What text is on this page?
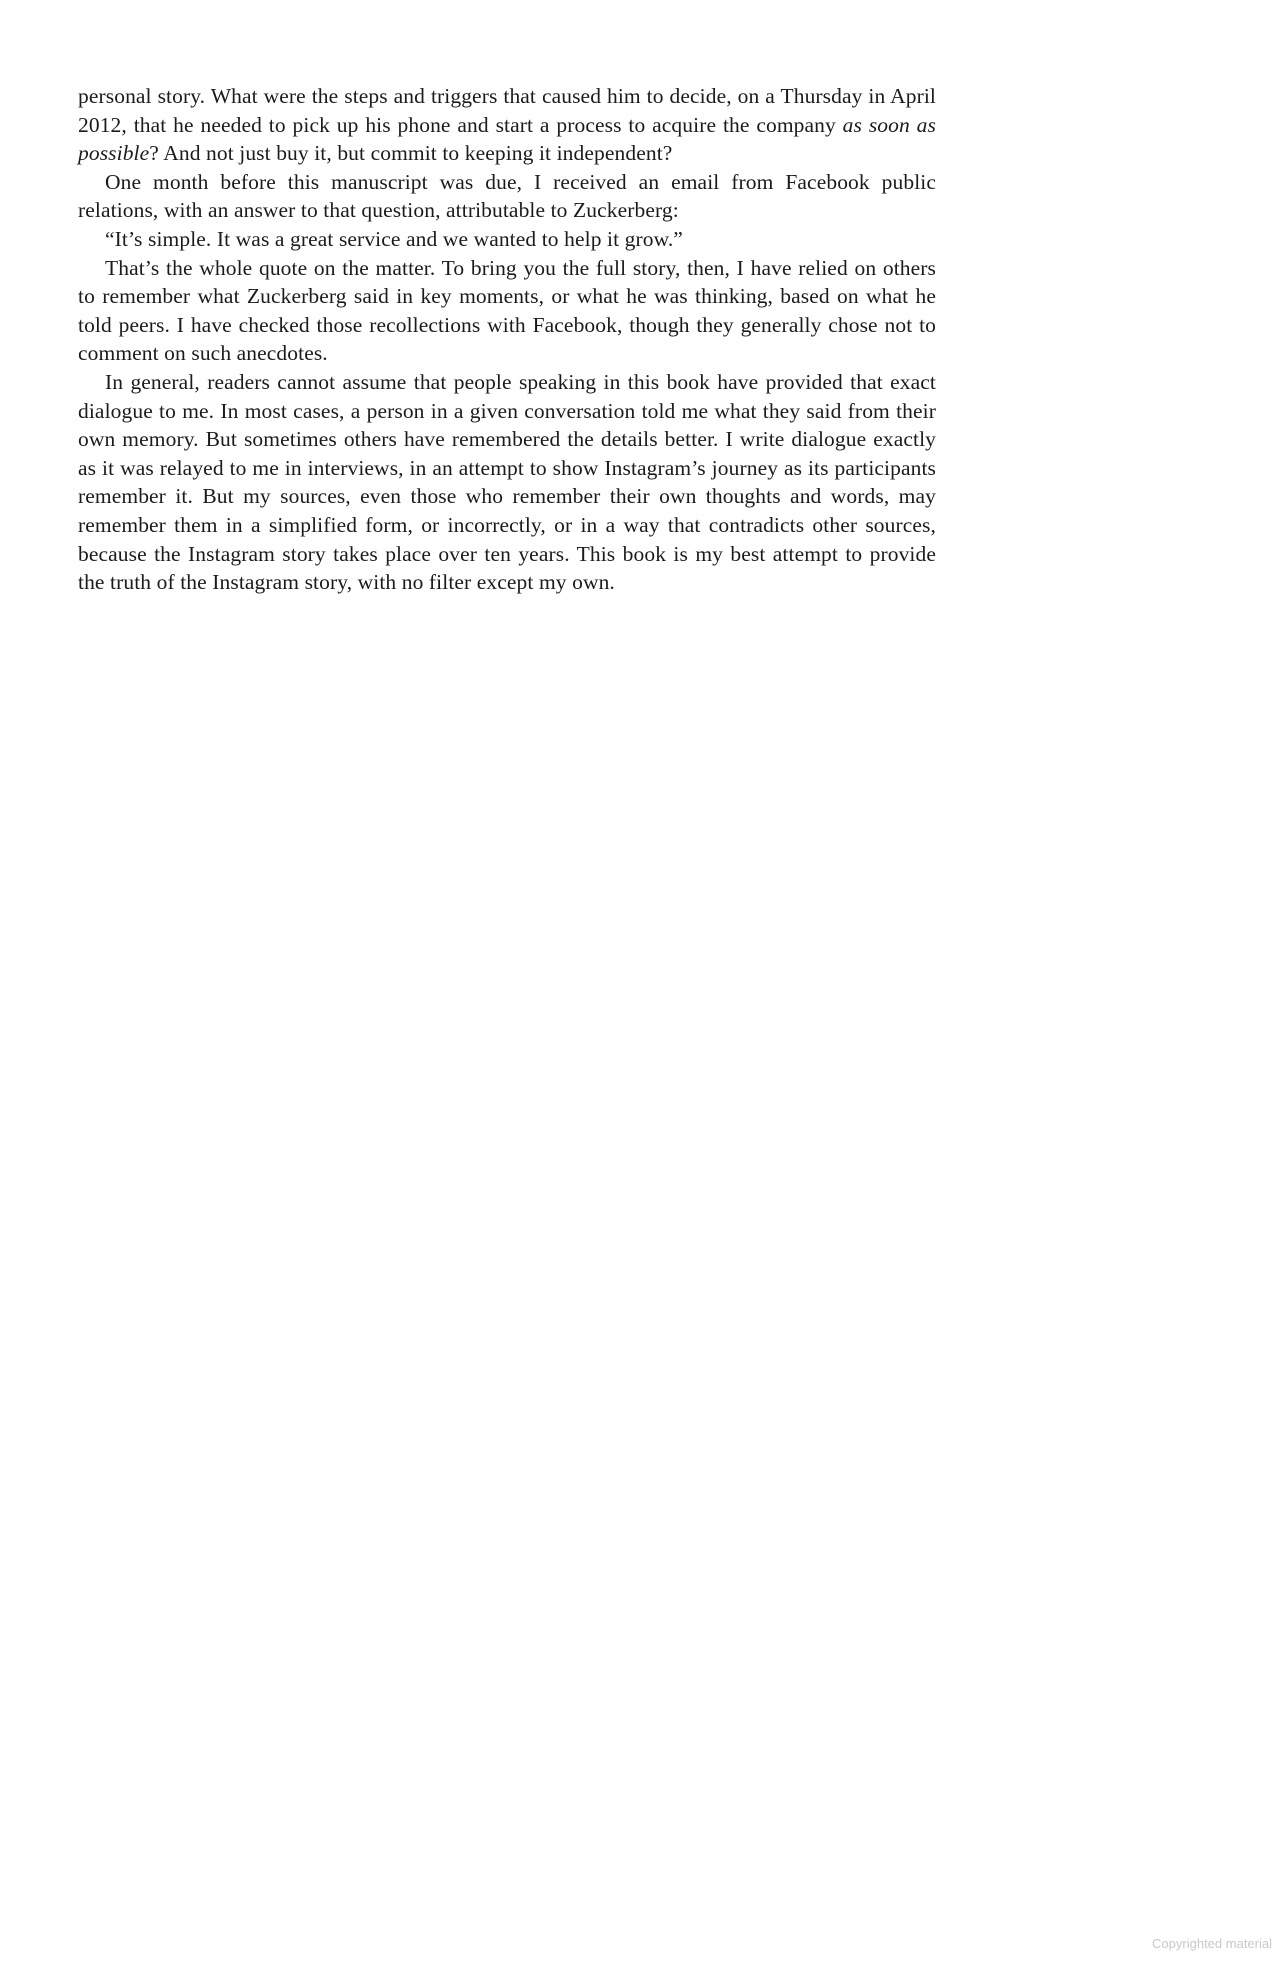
personal story. What were the steps and triggers that caused him to decide, on a Thursday in April 2012, that he needed to pick up his phone and start a process to acquire the company as soon as possible? And not just buy it, but commit to keeping it independent?

One month before this manuscript was due, I received an email from Facebook public relations, with an answer to that question, attributable to Zuckerberg:

“It’s simple. It was a great service and we wanted to help it grow.”

That’s the whole quote on the matter. To bring you the full story, then, I have relied on others to remember what Zuckerberg said in key moments, or what he was thinking, based on what he told peers. I have checked those recollections with Facebook, though they generally chose not to comment on such anecdotes.

In general, readers cannot assume that people speaking in this book have provided that exact dialogue to me. In most cases, a person in a given conversation told me what they said from their own memory. But sometimes others have remembered the details better. I write dialogue exactly as it was relayed to me in interviews, in an attempt to show Instagram’s journey as its participants remember it. But my sources, even those who remember their own thoughts and words, may remember them in a simplified form, or incorrectly, or in a way that contradicts other sources, because the Instagram story takes place over ten years. This book is my best attempt to provide the truth of the Instagram story, with no filter except my own.

Copyrighted material
